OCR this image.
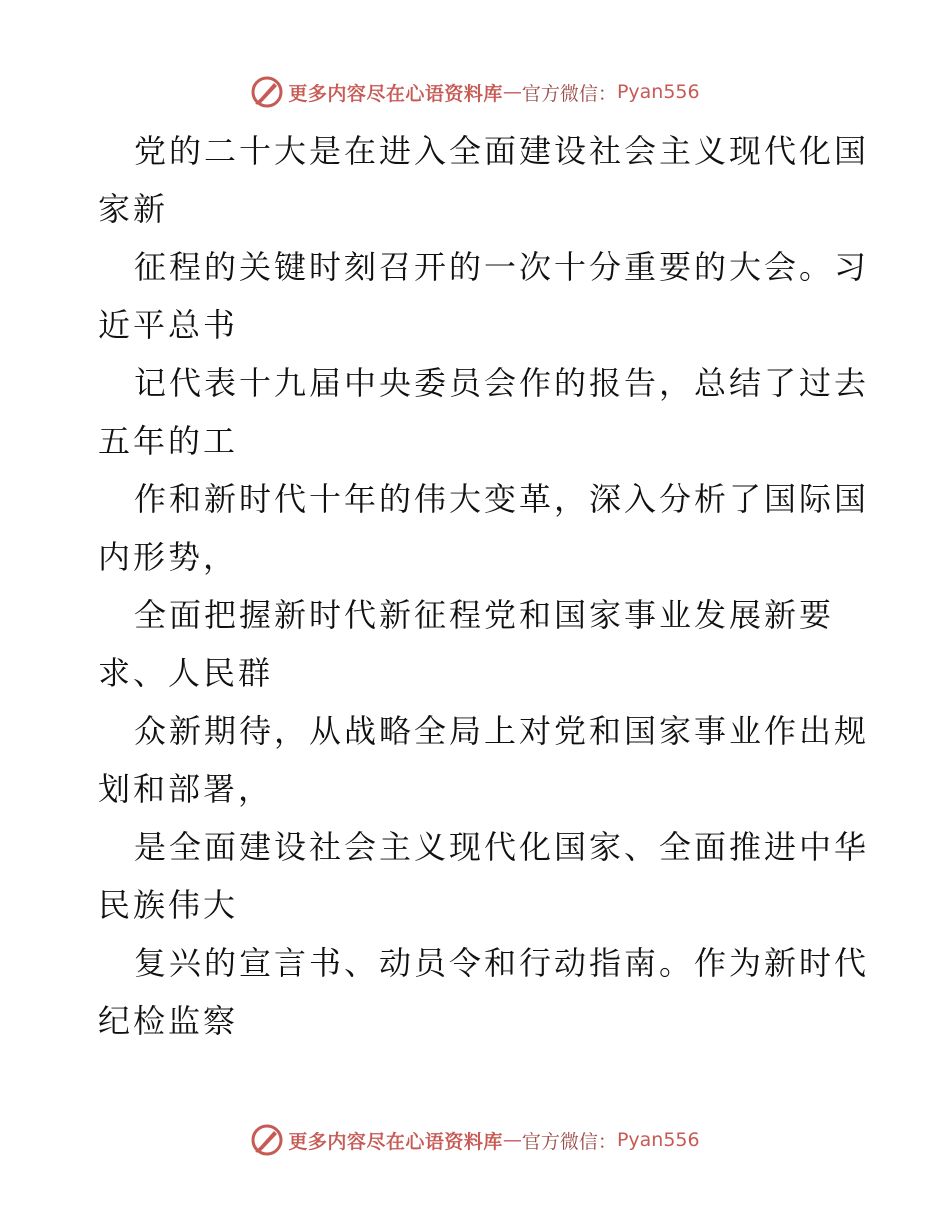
更多内容尽在心语资料库 — 官方微信： Pyan556

党的二十大是在进入全面建设社会主义现代化国
家新

征程的关键时刻召开的一次十分重要的大会。习
近平总书

记代表十九届中央委员会作的报告，总结了过去
五年的工

作和新时代十年的伟大变革，深入分析了国际国
内形势，

全面把握新时代新征程党和国家事业发展新要
求、人民群

众新期待，从战略全局上对党和国家事业作出规
划和部署，

是全面建设社会主义现代化国家、全面推进中华
民族伟大

复兴的宣言书、动员令和行动指南。作为新时代
纪检监察

更多内容尽在心语资料库 — 官方微信： Pyan556
